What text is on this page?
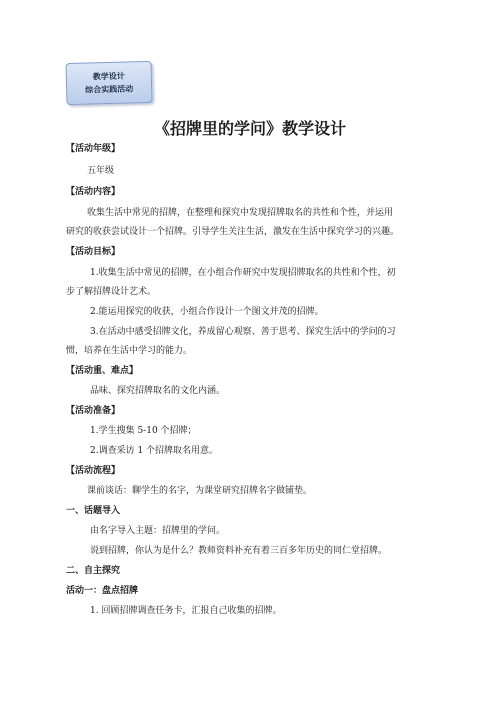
教学设计
综合实践活动
《招牌里的学问》教学设计
【活动年级】
五年级
【活动内容】
收集生活中常见的招牌，在整理和探究中发现招牌取名的共性和个性，并运用
研究的收获尝试设计一个招牌。引导学生关注生活，激发在生活中探究学习的兴趣。
【活动目标】
1.收集生活中常见的招牌，在小组合作研究中发现招牌取名的共性和个性，初
步了解招牌设计艺术。
2.能运用探究的收获，小组合作设计一个图文并茂的招牌。
3.在活动中感受招牌文化，养成留心观察、善于思考、探究生活中的学问的习
惯，培养在生活中学习的能力。
【活动重、难点】
品味、探究招牌取名的文化内涵。
【活动准备】
1.学生搜集 5-10 个招牌；
2.调查采访 1 个招牌取名用意。
【活动流程】
课前谈话：聊学生的名字，为课堂研究招牌名字做铺垫。
一、话题导入
由名字导入主题：招牌里的学问。
说到招牌，你认为是什么？教师资料补充有着三百多年历史的同仁堂招牌。
二、自主探究
活动一：盘点招牌
1. 回顾招牌调查任务卡，汇报自己收集的招牌。
